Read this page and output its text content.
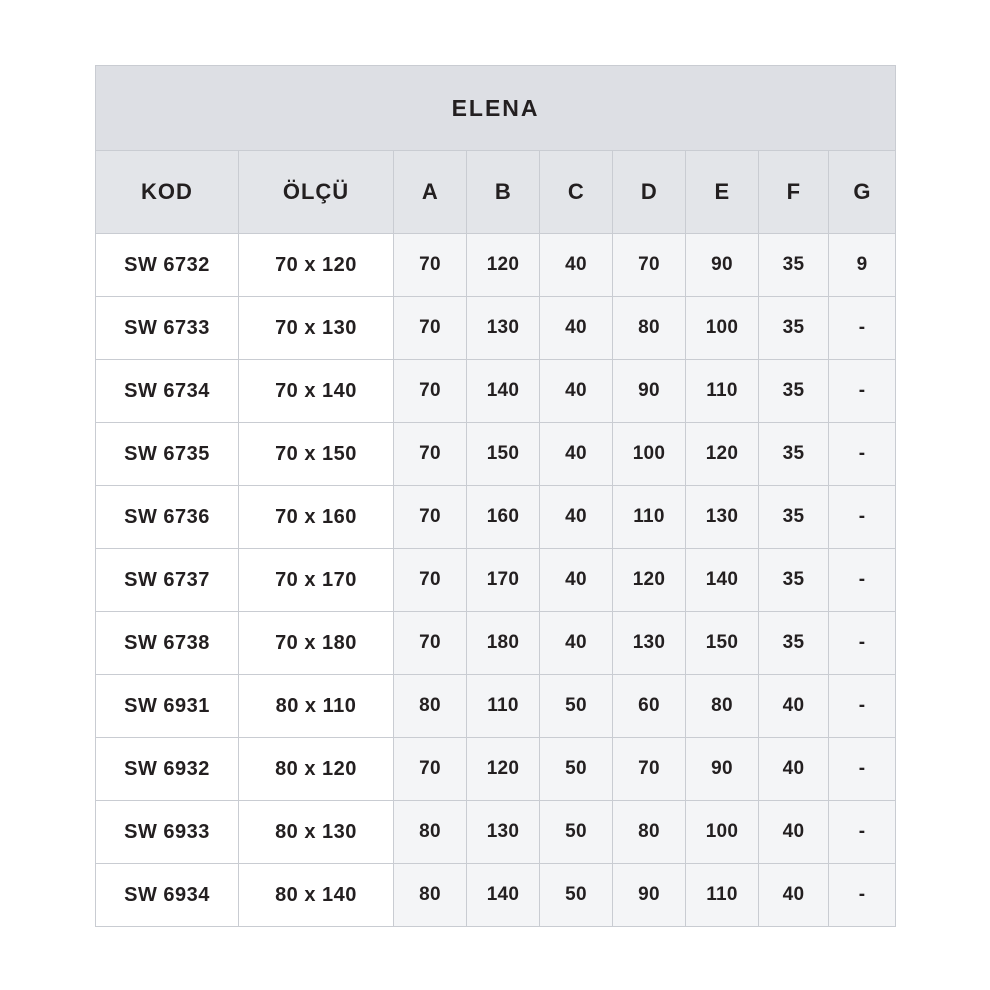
ELENA								
KOD	ÖLÇÜ	A	B	C	D	E	F	G
SW 6732	70 x 120	70	120	40	70	90	35	9
SW 6733	70 x 130	70	130	40	80	100	35	-
SW 6734	70 x 140	70	140	40	90	110	35	-
SW 6735	70 x 150	70	150	40	100	120	35	-
SW 6736	70 x 160	70	160	40	110	130	35	-
SW 6737	70 x 170	70	170	40	120	140	35	-
SW 6738	70 x 180	70	180	40	130	150	35	-
SW 6931	80 x 110	80	110	50	60	80	40	-
SW 6932	80 x 120	70	120	50	70	90	40	-
SW 6933	80 x 130	80	130	50	80	100	40	-
SW 6934	80 x 140	80	140	50	90	110	40	-
